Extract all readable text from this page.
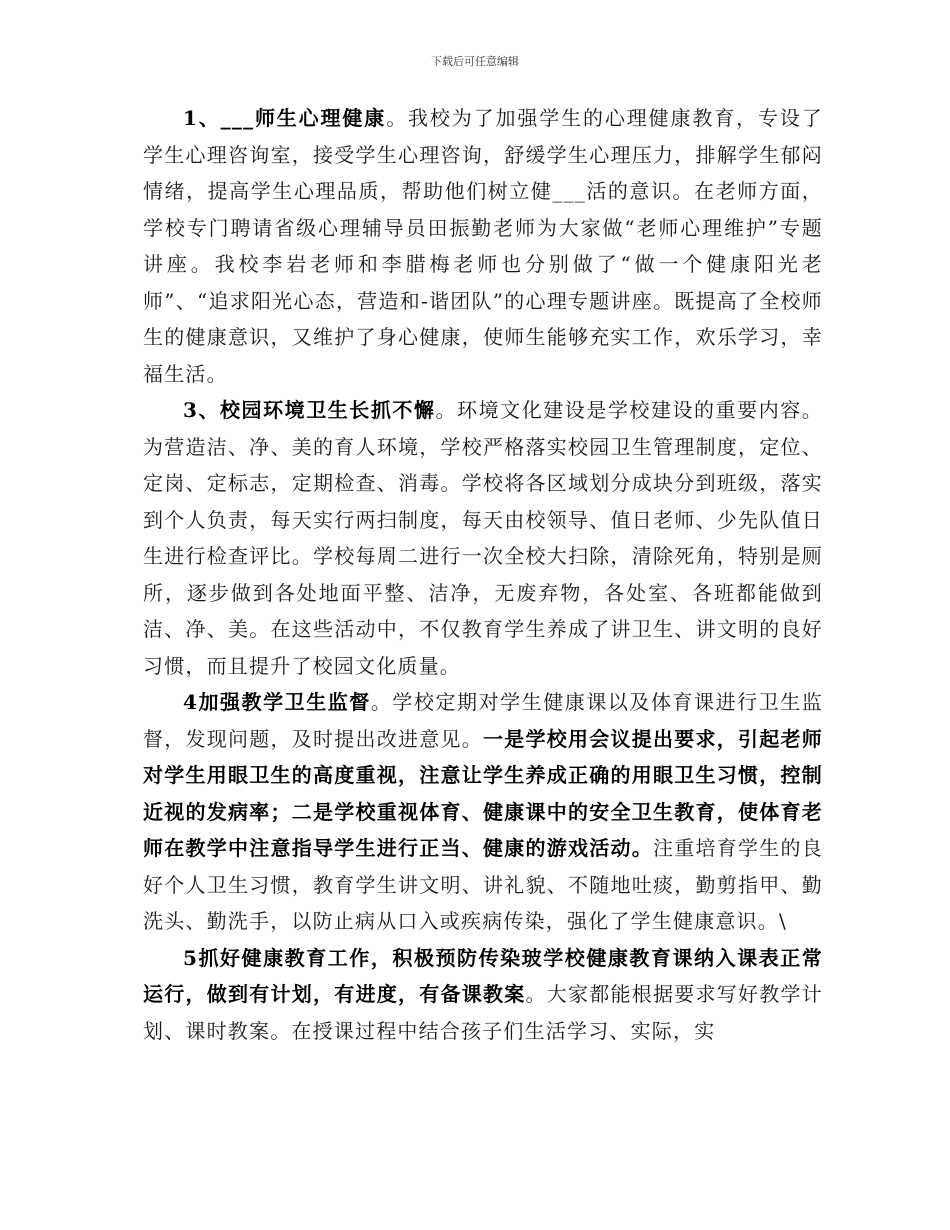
下载后可任意编辑

1、___师生心理健康。我校为了加强学生的心理健康教育，专设了学生心理咨询室，接受学生心理咨询，舒缓学生心理压力，排解学生郁闷情绪，提高学生心理品质，帮助他们树立健___活的意识。在老师方面，学校专门聘请省级心理辅导员田振勤老师为大家做“老师心理维护”专题讲座。我校李岩老师和李腊梅老师也分别做了“做一个健康阳光老师”、“追求阳光心态，营造和-谐团队”的心理专题讲座。既提高了全校师生的健康意识，又维护了身心健康，使师生能够充实工作，欢乐学习，幸福生活。

3、校园环境卫生长抓不懈。环境文化建设是学校建设的重要内容。为营造洁、净、美的育人环境，学校严格落实校园卫生管理制度，定位、定岗、定标志，定期检查、消毒。学校将各区域划分成块分到班级，落实到个人负责，每天实行两扫制度，每天由校领导、值日老师、少先队值日生进行检查评比。学校每周二进行一次全校大扫除，清除死角，特别是厕所，逐步做到各处地面平整、洁净，无废弃物，各处室、各班都能做到洁、净、美。在这些活动中，不仅教育学生养成了讲卫生、讲文明的良好习惯，而且提升了校园文化质量。

4加强教学卫生监督。学校定期对学生健康课以及体育课进行卫生监督，发现问题，及时提出改进意见。一是学校用会议提出要求，引起老师对学生用眼卫生的高度重视，注意让学生养成正确的用眼卫生习惯，控制近视的发病率；二是学校重视体育、健康课中的安全卫生教育，使体育老师在教学中注意指导学生进行正当、健康的游戏活动。注重培育学生的良好个人卫生习惯，教育学生讲文明、讲礼貌、不随地吐痰，勤剪指甲、勤洗头、勤洗手，以防止病从口入或疾病传染，强化了学生健康意识。\

5抓好健康教育工作，积极预防传染玻学校健康教育课纳入课表正常运行，做到有计划，有进度，有备课教案。大家都能根据要求写好教学计划、课时教案。在授课过程中结合孩子们生活学习、实际，实
